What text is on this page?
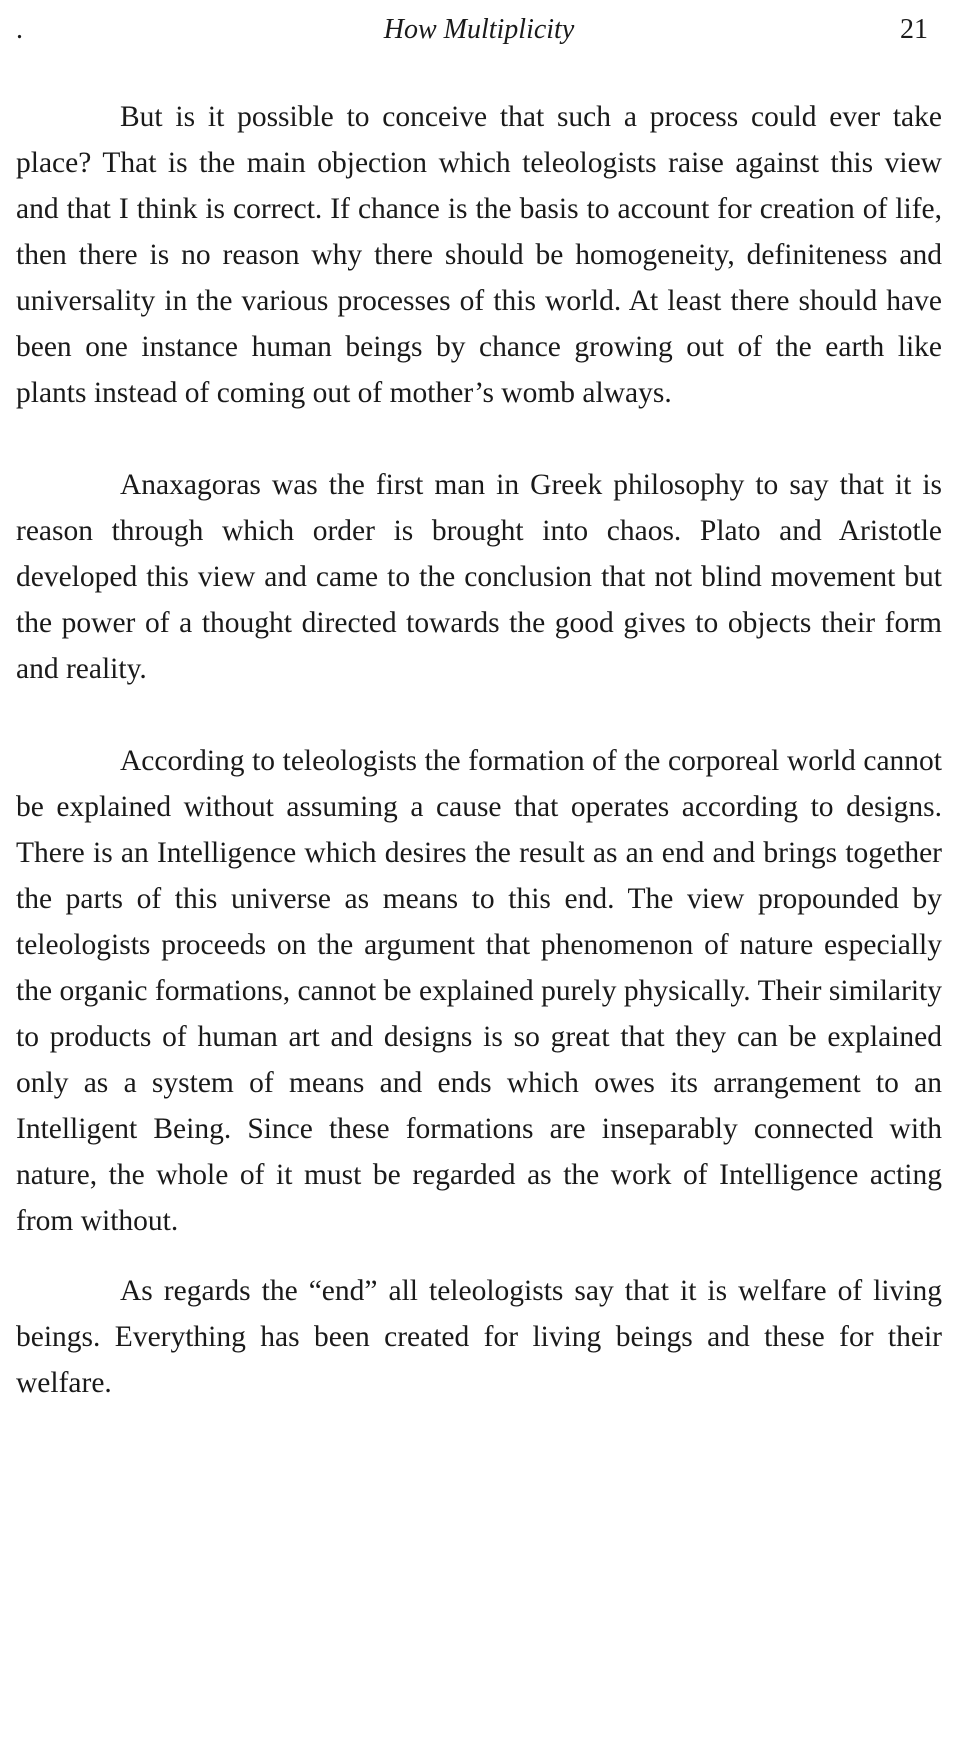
.	How Multiplicity	21

But is it possible to conceive that such a process could ever take place? That is the main objection which teleologists raise against this view and that I think is correct. If chance is the basis to account for creation of life, then there is no reason why there should be homogeneity, definiteness and universality in the various processes of this world. At least there should have been one instance human beings by chance growing out of the earth like plants instead of coming out of mother’s womb always.

Anaxagoras was the first man in Greek philosophy to say that it is reason through which order is brought into chaos. Plato and Aristotle developed this view and came to the conclusion that not blind movement but the power of a thought directed towards the good gives to objects their form and reality.

According to teleologists the formation of the corporeal world cannot be explained without assuming a cause that operates according to designs. There is an Intelligence which desires the result as an end and brings together the parts of this universe as means to this end. The view propounded by teleologists proceeds on the argument that phenomenon of nature especially the organic formations, cannot be explained purely physically. Their similarity to products of human art and designs is so great that they can be explained only as a system of means and ends which owes its arrangement to an Intelligent Being. Since these formations are inseparably connected with nature, the whole of it must be regarded as the work of Intelligence acting from without.

As regards the “end” all teleologists say that it is welfare of living beings. Everything has been created for living beings and these for their welfare.
